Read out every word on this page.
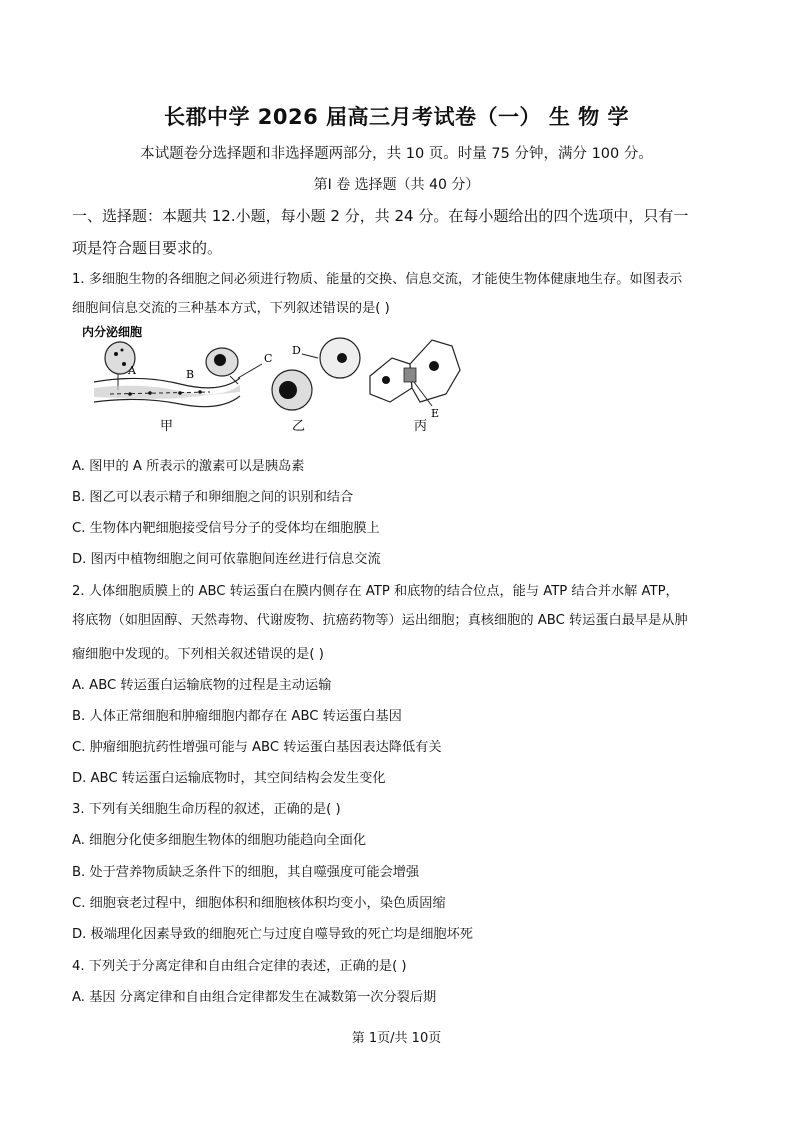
长郡中学 2026 届高三月考试卷（一） 生 物 学
本试题卷分选择题和非选择题两部分，共 10 页。时量 75 分钟，满分 100 分。
第Ⅰ 卷 选择题（共 40 分）
一、选择题：本题共 12.小题，每小题 2 分，共 24 分。在每小题给出的四个选项中，只有一
项是符合题目要求的。
1. 多细胞生物的各细胞之间必须进行物质、能量的交换、信息交流，才能使生物体健康地生存。如图表示
细胞间信息交流的三种基本方式，下列叙述错误的是( )
内分泌细胞
A	B
甲
C
D
乙
E
丙
A. 图甲的 A 所表示的激素可以是胰岛素
B. 图乙可以表示精子和卵细胞之间的识别和结合
C. 生物体内靶细胞接受信号分子的受体均在细胞膜上
D. 图丙中植物细胞之间可依靠胞间连丝进行信息交流
2. 人体细胞质膜上的 ABC 转运蛋白在膜内侧存在 ATP 和底物的结合位点，能与 ATP 结合并水解 ATP，
将底物（如胆固醇、天然毒物、代谢废物、抗癌药物等）运出细胞；真核细胞的 ABC 转运蛋白最早是从肿
瘤细胞中发现的。下列相关叙述错误的是( )
A. ABC 转运蛋白运输底物的过程是主动运输
B. 人体正常细胞和肿瘤细胞内都存在 ABC 转运蛋白基因
C. 肿瘤细胞抗药性增强可能与 ABC 转运蛋白基因表达降低有关
D. ABC 转运蛋白运输底物时，其空间结构会发生变化
3. 下列有关细胞生命历程的叙述，正确的是( )
A. 细胞分化使多细胞生物体的细胞功能趋向全面化
B. 处于营养物质缺乏条件下的细胞，其自噬强度可能会增强
C. 细胞衰老过程中，细胞体积和细胞核体积均变小，染色质固缩
D. 极端理化因素导致的细胞死亡与过度自噬导致的死亡均是细胞坏死
4. 下列关于分离定律和自由组合定律的表述，正确的是( )
A. 基因 分离定律和自由组合定律都发生在减数第一次分裂后期
第 1页/共 10页
